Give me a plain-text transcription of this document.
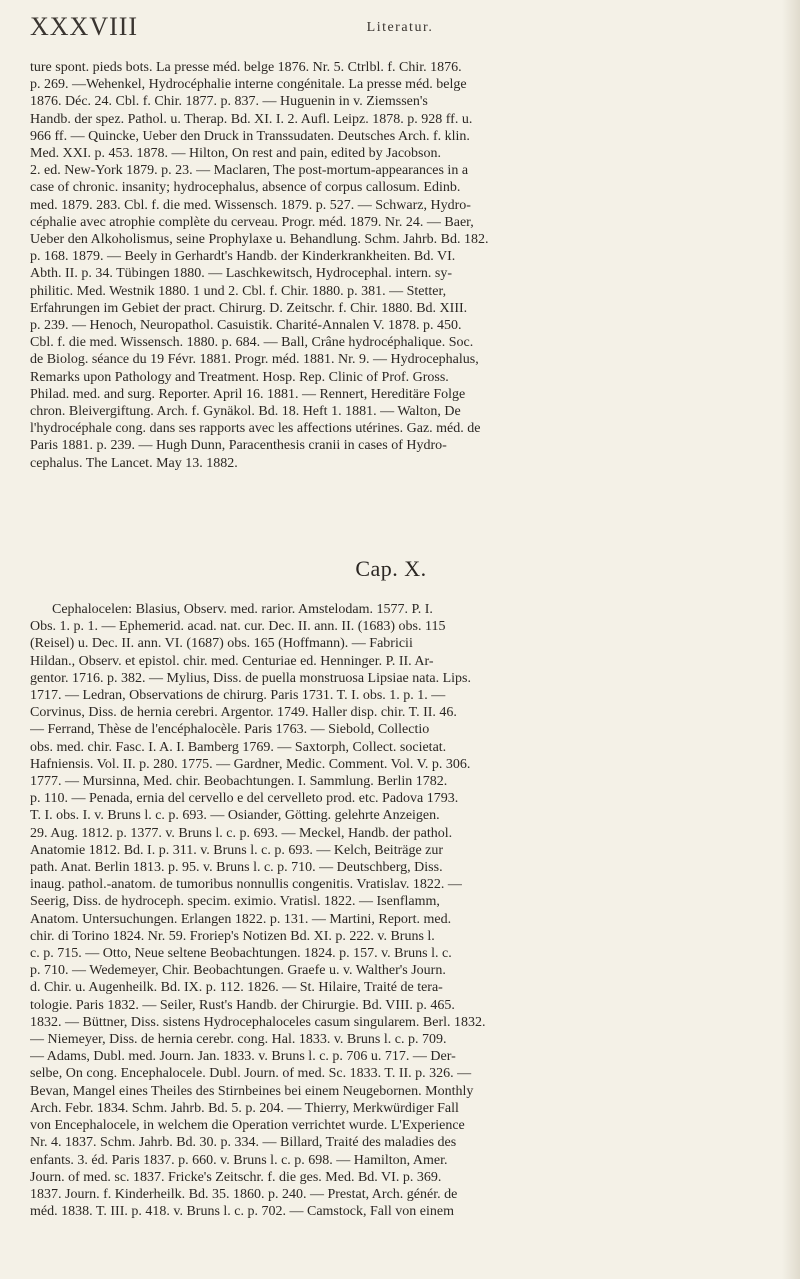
XXXVIII	Literatur.
ture spont. pieds bots. La presse méd. belge 1876. Nr. 5. Ctrlbl. f. Chir. 1876.
p. 269. —Wehenkel, Hydrocéphalie interne congénitale. La presse méd. belge
1876. Déc. 24. Cbl. f. Chir. 1877. p. 837. — Huguenin in v. Ziemssen's
Handb. der spez. Pathol. u. Therap. Bd. XI. I. 2. Aufl. Leipz. 1878. p. 928 ff. u.
966 ff. — Quincke, Ueber den Druck in Transsudaten. Deutsches Arch. f. klin.
Med. XXI. p. 453. 1878. — Hilton, On rest and pain, edited by Jacobson.
2. ed. New-York 1879. p. 23. — Maclaren, The post-mortum-appearances in a
case of chronic. insanity; hydrocephalus, absence of corpus callosum. Edinb.
med. 1879. 283. Cbl. f. die med. Wissensch. 1879. p. 527. — Schwarz, Hydro-
céphalie avec atrophie complète du cerveau. Progr. méd. 1879. Nr. 24. — Baer,
Ueber den Alkoholismus, seine Prophylaxe u. Behandlung. Schm. Jahrb. Bd. 182.
p. 168. 1879. — Beely in Gerhardt's Handb. der Kinderkrankheiten. Bd. VI.
Abth. II. p. 34. Tübingen 1880. — Laschkewitsch, Hydrocephal. intern. sy-
philitic. Med. Westnik 1880. 1 und 2. Cbl. f. Chir. 1880. p. 381. — Stetter,
Erfahrungen im Gebiet der pract. Chirurg. D. Zeitschr. f. Chir. 1880. Bd. XIII.
p. 239. — Henoch, Neuropathol. Casuistik. Charité-Annalen V. 1878. p. 450.
Cbl. f. die med. Wissensch. 1880. p. 684. — Ball, Crâne hydrocéphalique. Soc.
de Biolog. séance du 19 Févr. 1881. Progr. méd. 1881. Nr. 9. — Hydrocephalus,
Remarks upon Pathology and Treatment. Hosp. Rep. Clinic of Prof. Gross.
Philad. med. and surg. Reporter. April 16. 1881. — Rennert, Hereditäre Folge
chron. Bleivergiftung. Arch. f. Gynäkol. Bd. 18. Heft 1. 1881. — Walton, De
l'hydrocéphale cong. dans ses rapports avec les affections utérines. Gaz. méd. de
Paris 1881. p. 239. — Hugh Dunn, Paracenthesis cranii in cases of Hydro-
cephalus. The Lancet. May 13. 1882.
Cap. X.
Cephalocelen: Blasius, Observ. med. rarior. Amstelodam. 1577. P. I.
Obs. 1. p. 1. — Ephemerid. acad. nat. cur. Dec. II. ann. II. (1683) obs. 115
(Reisel) u. Dec. II. ann. VI. (1687) obs. 165 (Hoffmann). — Fabricii
Hildan., Observ. et epistol. chir. med. Centuriae ed. Henninger. P. II. Ar-
gentor. 1716. p. 382. — Mylius, Diss. de puella monstruosa Lipsiae nata. Lips.
1717. — Ledran, Observations de chirurg. Paris 1731. T. I. obs. 1. p. 1. —
Corvinus, Diss. de hernia cerebri. Argentor. 1749. Haller disp. chir. T. II. 46.
— Ferrand, Thèse de l'encéphalocèle. Paris 1763. — Siebold, Collectio
obs. med. chir. Fasc. I. A. I. Bamberg 1769. — Saxtorph, Collect. societat.
Hafniensis. Vol. II. p. 280. 1775. — Gardner, Medic. Comment. Vol. V. p. 306.
1777. — Mursinna, Med. chir. Beobachtungen. I. Sammlung. Berlin 1782.
p. 110. — Penada, ernia del cervello e del cervelleto prod. etc. Padova 1793.
T. I. obs. I. v. Bruns l. c. p. 693. — Osiander, Götting. gelehrte Anzeigen.
29. Aug. 1812. p. 1377. v. Bruns l. c. p. 693. — Meckel, Handb. der pathol.
Anatomie 1812. Bd. I. p. 311. v. Bruns l. c. p. 693. — Kelch, Beiträge zur
path. Anat. Berlin 1813. p. 95. v. Bruns l. c. p. 710. — Deutschberg, Diss.
inaug. pathol.-anatom. de tumoribus nonnullis congenitis. Vratislav. 1822. —
Seerig, Diss. de hydroceph. specim. eximio. Vratisl. 1822. — Isenflamm,
Anatom. Untersuchungen. Erlangen 1822. p. 131. — Martini, Report. med.
chir. di Torino 1824. Nr. 59. Froriep's Notizen Bd. XI. p. 222. v. Bruns l.
c. p. 715. — Otto, Neue seltene Beobachtungen. 1824. p. 157. v. Bruns l. c.
p. 710. — Wedemeyer, Chir. Beobachtungen. Graefe u. v. Walther's Journ.
d. Chir. u. Augenheilk. Bd. IX. p. 112. 1826. — St. Hilaire, Traité de tera-
tologie. Paris 1832. — Seiler, Rust's Handb. der Chirurgie. Bd. VIII. p. 465.
1832. — Büttner, Diss. sistens Hydrocephaloceles casum singularem. Berl. 1832.
— Niemeyer, Diss. de hernia cerebr. cong. Hal. 1833. v. Bruns l. c. p. 709.
— Adams, Dubl. med. Journ. Jan. 1833. v. Bruns l. c. p. 706 u. 717. — Der-
selbe, On cong. Encephalocele. Dubl. Journ. of med. Sc. 1833. T. II. p. 326. —
Bevan, Mangel eines Theiles des Stirnbeines bei einem Neugebornen. Monthly
Arch. Febr. 1834. Schm. Jahrb. Bd. 5. p. 204. — Thierry, Merkwürdiger Fall
von Encephalocele, in welchem die Operation verrichtet wurde. L'Experience
Nr. 4. 1837. Schm. Jahrb. Bd. 30. p. 334. — Billard, Traité des maladies des
enfants. 3. éd. Paris 1837. p. 660. v. Bruns l. c. p. 698. — Hamilton, Amer.
Journ. of med. sc. 1837. Fricke's Zeitschr. f. die ges. Med. Bd. VI. p. 369.
1837. Journ. f. Kinderheilk. Bd. 35. 1860. p. 240. — Prestat, Arch. génér. de
méd. 1838. T. III. p. 418. v. Bruns l. c. p. 702. — Camstock, Fall von einem
